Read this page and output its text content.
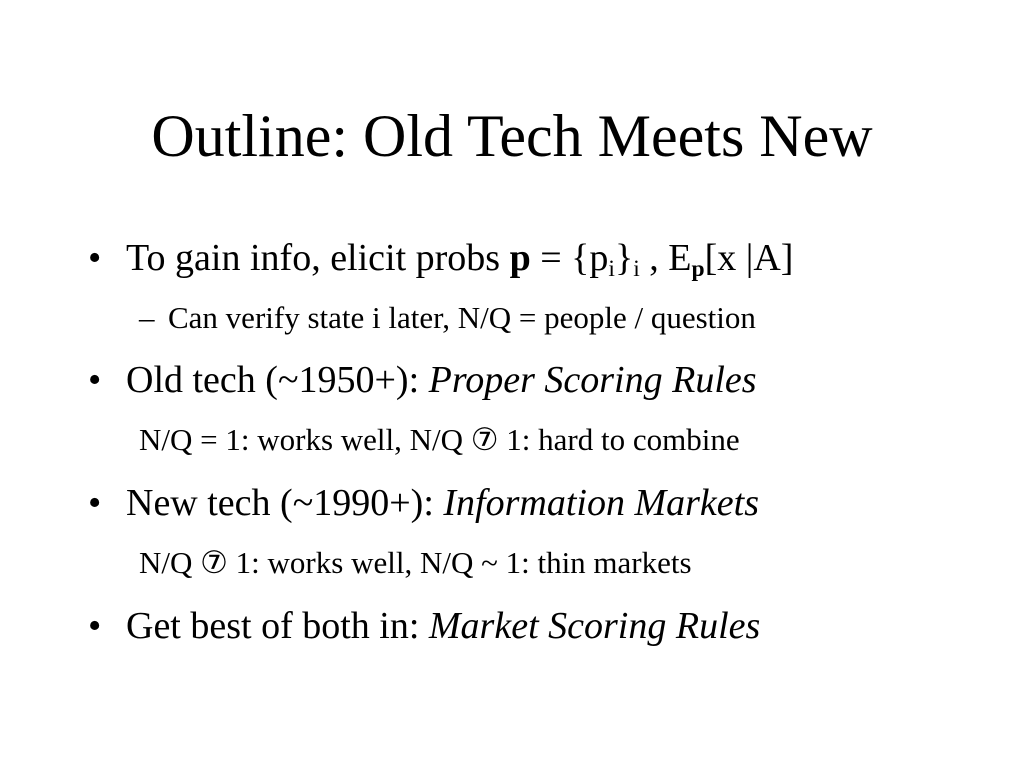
Outline: Old Tech Meets New
• To gain info, elicit probs $p = \{p_i\}_i$ , $E_p[x$ |A]
– Can verify state i later, N/Q = people / question
• Old tech (~1950+): Proper Scoring Rules
N/Q = 1: works well, N/Q ⑦ 1: hard to combine
• New tech (~1990+): Information Markets
N/Q ⑦ 1: works well, N/Q ~ 1: thin markets
• Get best of both in: Market Scoring Rules
